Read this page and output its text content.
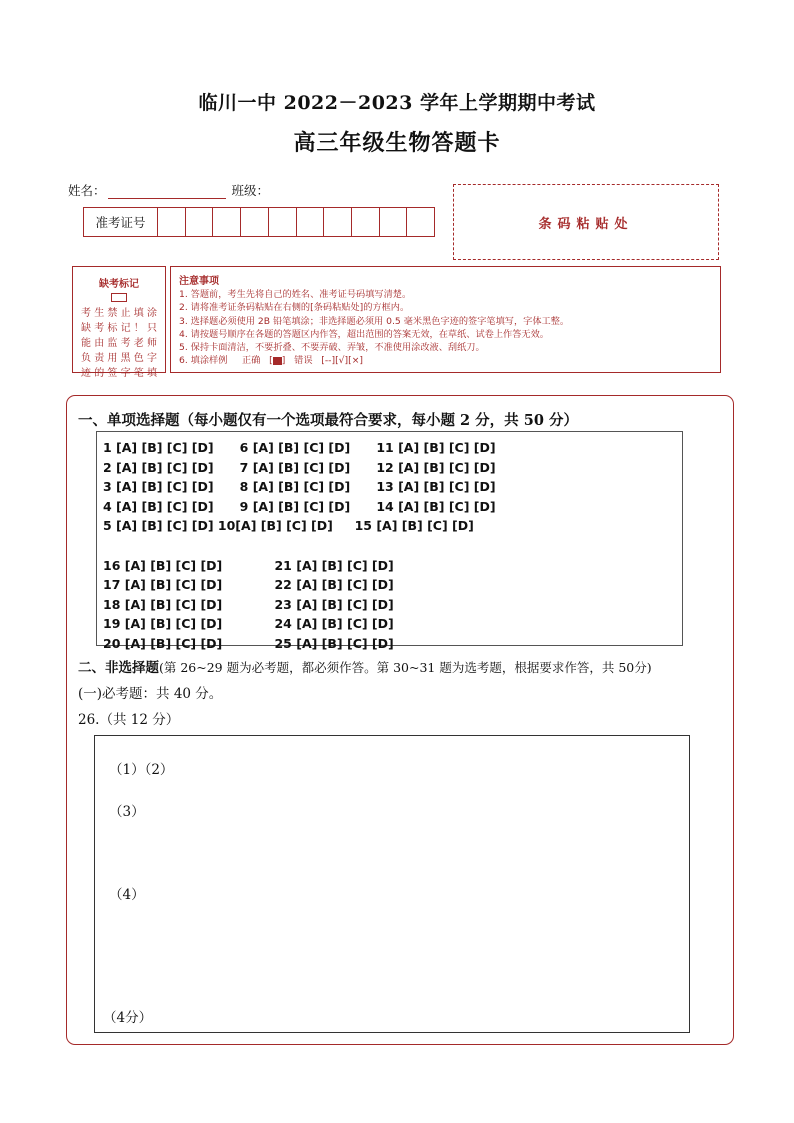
临川一中 2022－2023 学年上学期期中考试
高三年级生物答题卡
姓名：	班级：
准考证号	条码粘贴处
缺考标记
考生禁止填涂
缺考标记！只
能由监考老师
负责用黑色字
迹的签字笔填
注意事项
1. 答题前，考生先将自己的姓名、准考证号码填写清楚。
2. 请将准考证条码粘贴在右侧的[条码粘贴处]的方框内。
3. 选择题必须使用 2B 铅笔填涂；非选择题必须用 0.5 毫米黑色字迹的签字笔填写，字体工整。
4. 请按题号顺序在各题的答题区内作答，超出范围的答案无效，在草纸、试卷上作答无效。
5. 保持卡面清洁，不要折叠、不要弄破、弄皱，不准使用涂改液、刮纸刀。
6. 填涂样例 正确   [ ]   错误 [--][√][×]
一、单项选择题（每小题仅有一个选项最符合要求，每小题 2 分，共 50 分）
1 [A] [B] [C] [D]      6 [A] [B] [C] [D]      11 [A] [B] [C] [D]
2 [A] [B] [C] [D]      7 [A] [B] [C] [D]      12 [A] [B] [C] [D]
3 [A] [B] [C] [D]      8 [A] [B] [C] [D]      13 [A] [B] [C] [D]
4 [A] [B] [C] [D]      9 [A] [B] [C] [D]      14 [A] [B] [C] [D]
5 [A] [B] [C] [D] 10[A] [B] [C] [D]     15 [A] [B] [C] [D]
16 [A] [B] [C] [D]            21 [A] [B] [C] [D]
17 [A] [B] [C] [D]            22 [A] [B] [C] [D]
18 [A] [B] [C] [D]            23 [A] [B] [C] [D]
19 [A] [B] [C] [D]            24 [A] [B] [C] [D]
20 [A] [B] [C] [D]            25 [A] [B] [C] [D]
二、非选择题(第 26~29 题为必考题，都必须作答。第 30~31 题为选考题，根据要求作答，共 50分)
(一)必考题：共 40 分。
26.（共 12 分）
（1）（2）
（3）
（4）
（4分）
